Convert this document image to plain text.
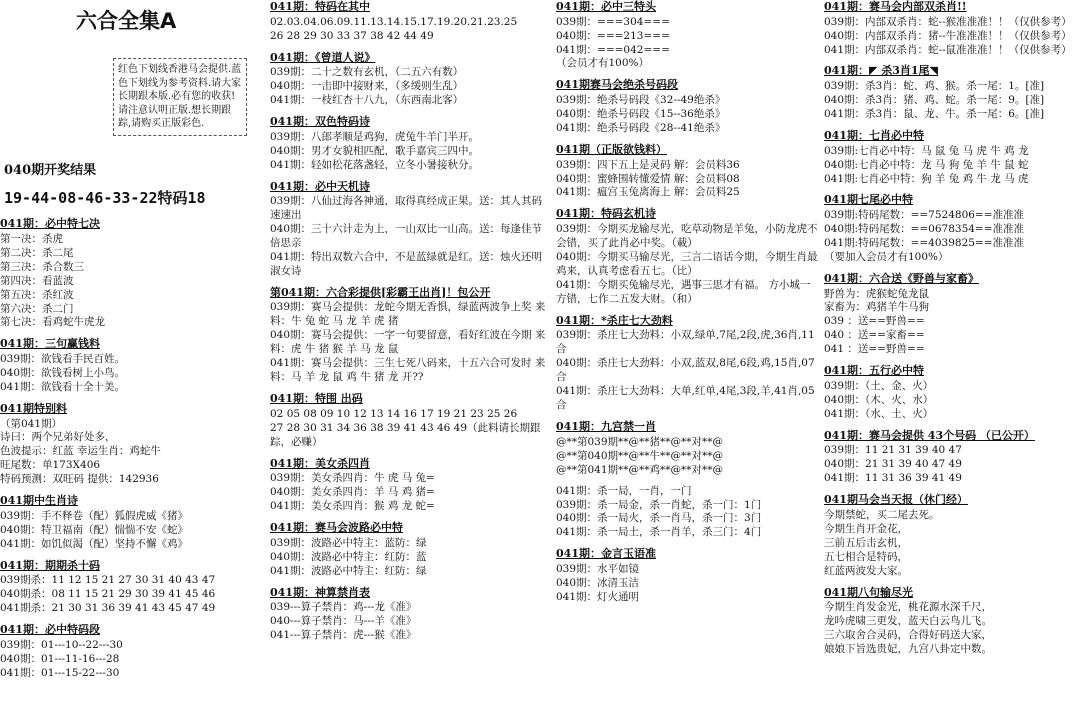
六合全集A
红色下划线香港马会提供.蓝色下划线为参考资料.请大家长期跟本版.必有您的收获!请注意认明正版.想长期跟踪,请购买正版彩色.
040期开奖结果
19-44-08-46-33-22特码18
041期：必中特七决
第一决：杀虎
第二决：杀二尾
第三决：杀合数三
第四决：看蓝波
第五决：杀红波
第六决：杀二门
第七决：看鸡蛇牛虎龙
041期：三句赢钱料
039期：欲钱看手民百姓。
040期：欲钱看树上小鸟。
041期：欲钱看十全十美。
041期特别料
（第041期）
诗曰：两个兄弟好处多，
色波提示：红蓝 幸运生肖：鸡蛇牛
旺尾数：单173X406
特码预测：双旺码 提供：142936
041期中生肖诗
039期：手不释卷（配）狐假虎威《猪》
040期：特卫福南（配）惴惴不安《蛇》
041期：如饥似渴（配）坚持不懈《鸡》
041期：期期杀十码
039期杀：11 12 15 21 27 30 31 40 43 47
040期杀：08 11 15 21 29 30 39 41 45 46
041期杀：21 30 31 36 39 41 43 45 47 49
041期：必中特码段
039期：01---10--22---30
040期：01---11-16---28
041期：01---15-22---30
041期：特码在其中
02.03.04.06.09.11.13.14.15.17.19.20.21.23.25
26 28 29 30 33 37 38 42 44 49
041期：《曾道人说》
039期：二十之数有玄机，（二五六有数）
040期：一击即中接财来，（多缓则生乱）
041期：一枝红杏十八九，（东西南北客）
041期：双色特码诗
039期：八郎孝顺是鸡狗，虎兔牛羊门半开。
040期：男才女貌相匹配，歌手嘉宾三四中。
041期：轻如松花落盏轻，立冬小暑接秋分。
041期：必中天机诗
039期：八仙过海各神通，取得真经成正果。送：其人其码速速出
040期：三十六计走为上，一山双比一山高。送：每逢佳节倍思亲
041期：特出双数六合中，不是蓝绿就是红。送：烛火还明淑女诗
第041期：六合彩提供[彩霸王出肖]！包公开
039期：赛马会提供：龙蛇今期无香惧，绿蓝两波争上奖 来料：牛 兔 蛇 马 龙 羊 虎 猪
040期：赛马会提供：一字一句要留意，看好红波在今期 来料：虎 牛 猪 猴 羊 马 龙 鼠
041期：赛马会提供：三生七死八码来，十五六合可发时 来料：马 羊 龙 鼠 鸡 牛 猪 龙 开??
041期：特围 出码
02 05 08 09 10 12 13 14 16 17 19 21 23 25 26
27 28 30 31 34 36 38 39 41 43 46 49（此料请长期跟踪，必赚）
041期：美女杀四肖
039期：美女杀四肖：牛 虎 马 兔=
040期：美女杀四肖：羊 马 鸡 猪=
041期：美女杀四肖：猴 鸡 龙 蛇=
041期：赛马会波路必中特
039期：波路必中特主：蓝防：绿
040期：波路必中特主：红防：蓝
041期：波路必中特主：红防：绿
041期：神算禁肖表
039---算子禁肖：鸡---龙《准》
040---算子禁肖：马---羊《准》
041---算子禁肖：虎---猴《准》
041期：必中三特头
039期：===304===
040期：===213===
041期：===042===
（会员才有100%）
041期赛马会绝杀号码段
039期：绝杀号码段《32--49绝杀》
040期：绝杀号码段《15--36绝杀》
041期：绝杀号码段《28--41绝杀》
041期（正版欲钱料）
039期：四下五上是灵码 解：会员料36
040期：蜜蜂围转懂爱情 解：会员料08
041期：瘟宫玉兔离海上 解：会员料25
041期：特码玄机诗
039期：今期买龙输尽光，吃草动物是羊兔，小防龙虎不会错，买了此肖必中奖。（載）
040期：今期买马输尽光，三言二语话今期，今期生肖最鸡来，认真考虑看五七。（比）
041期：今期买兔输尽光，遇事三思才有福。 方小城一方错，七作二五发大财。（和）
041期：*杀庄七大劲料
039期：杀庄七大劲料：小双,绿单,7尾,2段,虎,36肖,11合
040期：杀庄七大劲料：小双,蓝双,8尾,6段,鸡,15肖,07合
041期：杀庄七大劲料：大单,红单,4尾,3段,羊,41肖,05合
041期：九宫禁一肖
@**第039期**@**猪**@**对**@
@**第040期**@**牛**@**对**@
@**第041期**@**鸡**@**对**@
041期：杀一局，一肖，一门
039期：杀一局金，杀一肖蛇，杀一门：1门
040期：杀一局火，杀一肖马，杀一门：3门
041期：杀一局土，杀一肖羊，杀三门：4门
041期：金言玉语准
039期：水平如镜
040期：冰清玉洁
041期：灯火通明
041期：赛马会内部双杀肖!!
039期：内部双杀肖：蛇--猴准准准！！（仅供参考）
040期：内部双杀肖：猪--牛准准准！！（仅供参考）
041期：内部双杀肖：蛇--鼠准准准！！（仅供参考）
041期：◤ 杀3肖1尾◥
039期：杀3肖：蛇、鸡、猴。杀一尾：1。[准]
040期：杀3肖：猪、鸡、蛇。杀一尾：9。[准]
041期：杀3肖：鼠、龙、牛。杀一尾：6。[准]
041期：七肖必中特
039期:七肖必中特：马 鼠 兔 马 虎 牛 鸡 龙
040期:七肖必中特：龙 马 狗 兔 羊 牛 鼠 蛇
041期:七肖必中特：狗 羊 兔 鸡 牛 龙 马 虎
041期七尾必中特
039期:特码尾数：==7524806==准准准
040期:特码尾数：==0678354==准准准
041期:特码尾数：==4039825==准准准
（要加入会员才有100%）
041期：六合送《野兽与家畜》
野兽为：虎猴蛇兔龙鼠
家畜为：鸡猪羊牛马狗
039 ：送==野兽==
040 ：送==家畜==
041 ：送==野兽==
041期：五行必中特
039期：（土、金、火）
040期：（木、火、水）
041期：（水、土、火）
041期：赛马会提供 43个号码 （已公开）
039期：11 21 31 39 40 47
040期：21 31 39 40 47 49
041期：11 31 36 39 41 49
041期马会当天报（休门经）
今期禁蛇，买二尾去死。
今期生肖开金花，
三前五后击玄机，
五七相合是特码，
红蓝两波发大家。
041期八句输尽光
今期生肖发金光，桃花源水深千尺，
龙吟虎啸三更发，蓝天白云鸟儿飞。
三六取舍合灵码，合得好码送大家，
娘娘下旨选贵妃，九宫八卦定中数。
